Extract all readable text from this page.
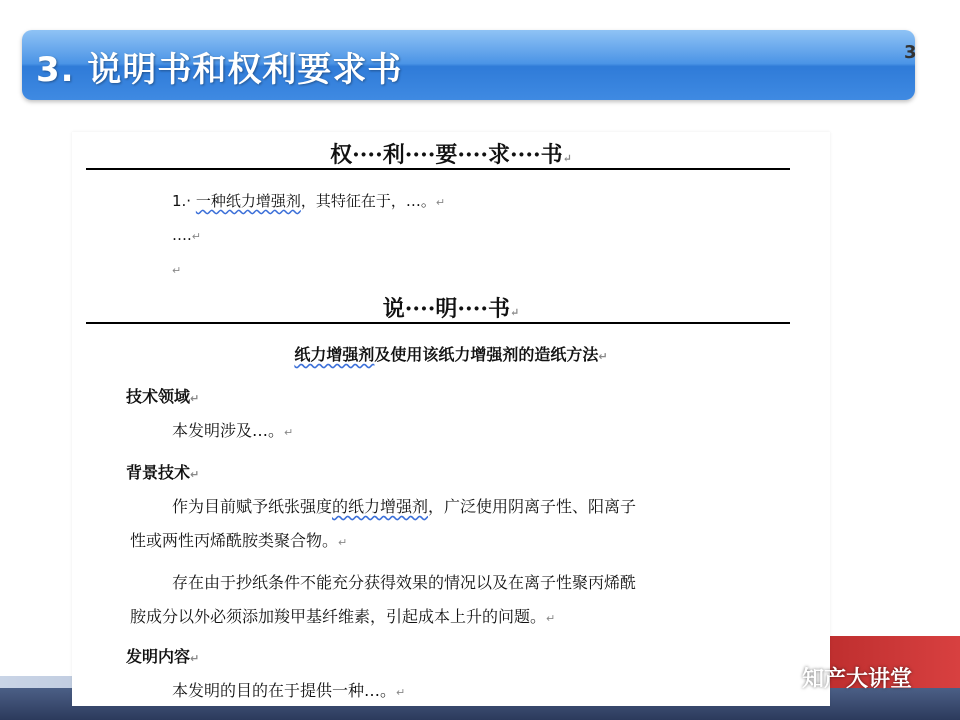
3. 说明书和权利要求书	3
权····利····要····求····书↵
1.· 一种纸力增强剂，其特征在于，…。↵
….↵
↵
说····明····书↵
纸力增强剂及使用该纸力增强剂的造纸方法↵
技术领域↵
本发明涉及…。↵
背景技术↵
作为目前赋予纸张强度的纸力增强剂，广泛使用阴离子性、阳离子
性或两性丙烯酰胺类聚合物。↵
存在由于抄纸条件不能充分获得效果的情况以及在离子性聚丙烯酰
胺成分以外必须添加羧甲基纤维素，引起成本上升的问题。↵
发明内容↵
本发明的目的在于提供一种…。↵
知产大讲堂
